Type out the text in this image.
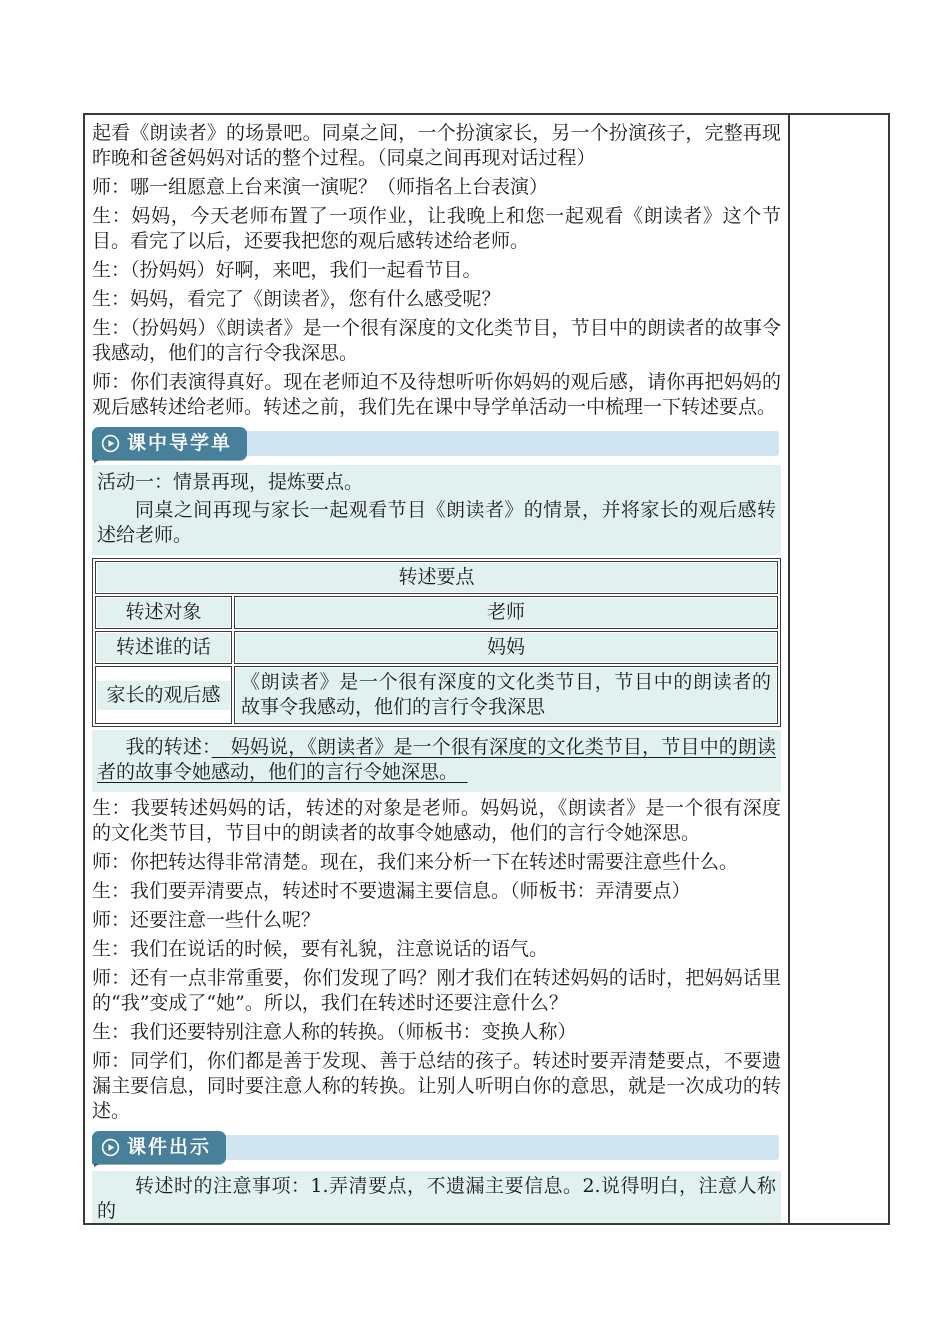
起看《朗读者》的场景吧。同桌之间，一个扮演家长，另一个扮演孩子，完整再现昨晚和爸爸妈妈对话的整个过程。（同桌之间再现对话过程）

师：哪一组愿意上台来演一演呢？（师指名上台表演）

生：妈妈，今天老师布置了一项作业，让我晚上和您一起观看《朗读者》这个节目。看完了以后，还要我把您的观后感转述给老师。

生：（扮妈妈）好啊，来吧，我们一起看节目。

生：妈妈，看完了《朗读者》，您有什么感受呢？

生：（扮妈妈）《朗读者》是一个很有深度的文化类节目，节目中的朗读者的故事令我感动，他们的言行令我深思。

师：你们表演得真好。现在老师迫不及待想听听你妈妈的观后感，请你再把妈妈的观后感转述给老师。转述之前，我们先在课中导学单活动一中梳理一下转述要点。

课中导学单

活动一：情景再现，提炼要点。

同桌之间再现与家长一起观看节目《朗读者》的情景，并将家长的观后感转述给老师。

转述要点	

转述对象	老师

转述谁的话	妈妈

家长的观后感	《朗读者》是一个很有深度的文化类节目，节目中的朗读者的故事令我感动，他们的言行令我深思

我的转述： 妈妈说，《朗读者》是一个很有深度的文化类节目，节目中的朗读者的故事令她感动，他们的言行令她深思。

生：我要转述妈妈的话，转述的对象是老师。妈妈说，《朗读者》是一个很有深度的文化类节目，节目中的朗读者的故事令她感动，他们的言行令她深思。

师：你把转达得非常清楚。现在，我们来分析一下在转述时需要注意些什么。

生：我们要弄清要点，转述时不要遗漏主要信息。（师板书：弄清要点）

师：还要注意一些什么呢？

生：我们在说话的时候，要有礼貌，注意说话的语气。

师：还有一点非常重要，你们发现了吗？刚才我们在转述妈妈的话时，把妈妈话里的“我”变成了“她”。所以，我们在转述时还要注意什么？

生：我们还要特别注意人称的转换。（师板书：变换人称）

师：同学们，你们都是善于发现、善于总结的孩子。转述时要弄清楚要点，不要遗漏主要信息，同时要注意人称的转换。让别人听明白你的意思，就是一次成功的转述。

课件出示

转述时的注意事项：1.弄清要点，不遗漏主要信息。2.说得明白，注意人称的
